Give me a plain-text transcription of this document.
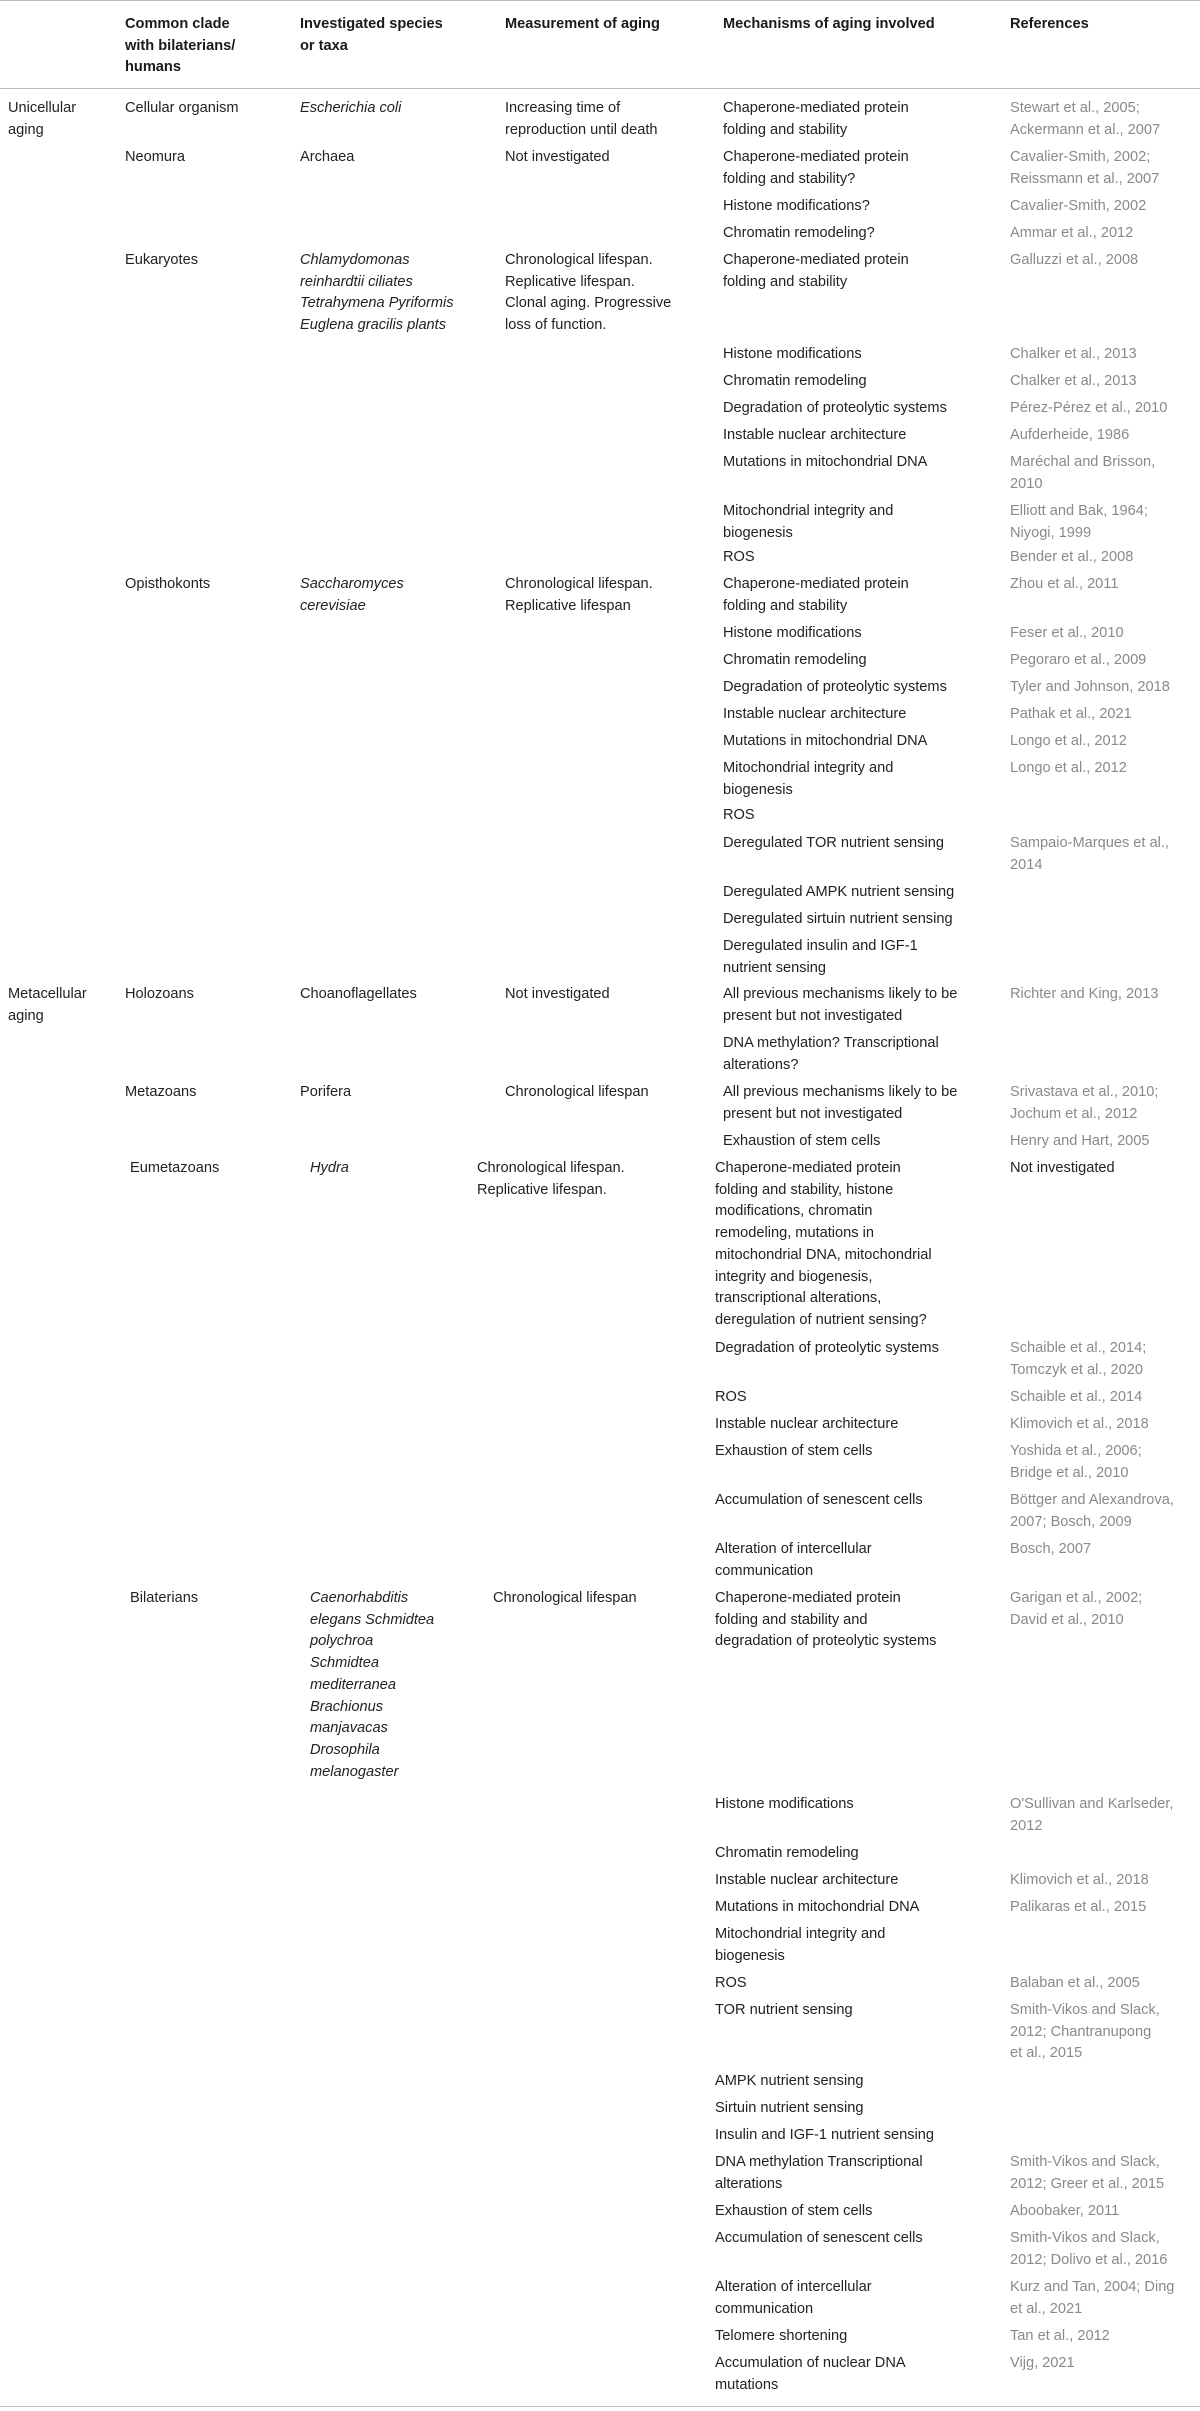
Common clade
with bilaterians/
humans
Investigated species
or taxa
Measurement of aging	Mechanisms of aging involved	References
Unicellular
aging
Metacellular
aging
Cellular organism
Neomura
Eukaryotes
Opisthokonts
Holozoans
Metazoans
Eumetazoans
Bilaterians
Escherichia coli
Archaea
Chlamydomonas
reinhardtii ciliates
Tetrahymena Pyriformis
Euglena gracilis plants
Saccharomyces
cerevisiae
Choanoflagellates
Porifera
Hydra
Caenorhabditis
elegans Schmidtea
polychroa
Schmidtea
mediterranea
Brachionus
manjavacas
Drosophila
melanogaster
Increasing time of
reproduction until death
Not investigated
Chronological lifespan.
Replicative lifespan.
Clonal aging. Progressive
loss of function.
Chronological lifespan.
Replicative lifespan
Not investigated
Chronological lifespan
Chronological lifespan.
Replicative lifespan.
Chronological lifespan
Chaperone-mediated protein
folding and stability
Chaperone-mediated protein
folding and stability?
Histone modifications?
Chromatin remodeling?
Chaperone-mediated protein
folding and stability
Histone modifications
Chromatin remodeling
Degradation of proteolytic systems
Instable nuclear architecture
Mutations in mitochondrial DNA
Mitochondrial integrity and
biogenesis
ROS
Chaperone-mediated protein
folding and stability
Histone modifications
Chromatin remodeling
Degradation of proteolytic systems
Instable nuclear architecture
Mutations in mitochondrial DNA
Mitochondrial integrity and
biogenesis
ROS
Deregulated TOR nutrient sensing
Deregulated AMPK nutrient sensing
Deregulated sirtuin nutrient sensing
Deregulated insulin and IGF-1
nutrient sensing
All previous mechanisms likely to be
present but not investigated
DNA methylation? Transcriptional
alterations?
All previous mechanisms likely to be
present but not investigated
Exhaustion of stem cells
Chaperone-mediated protein
folding and stability, histone
modifications, chromatin
remodeling, mutations in
mitochondrial DNA, mitochondrial
integrity and biogenesis,
transcriptional alterations,
deregulation of nutrient sensing?
Degradation of proteolytic systems
ROS
Instable nuclear architecture
Exhaustion of stem cells
Accumulation of senescent cells
Alteration of intercellular
communication
Chaperone-mediated protein
folding and stability and
degradation of proteolytic systems
Histone modifications
Chromatin remodeling
Instable nuclear architecture
Mutations in mitochondrial DNA
Mitochondrial integrity and
biogenesis
ROS
TOR nutrient sensing
AMPK nutrient sensing
Sirtuin nutrient sensing
Insulin and IGF-1 nutrient sensing
DNA methylation Transcriptional
alterations
Exhaustion of stem cells
Accumulation of senescent cells
Alteration of intercellular
communication
Telomere shortening
Accumulation of nuclear DNA
mutations
Stewart et al., 2005;
Ackermann et al., 2007
Cavalier-Smith, 2002;
Reissmann et al., 2007
Cavalier-Smith, 2002
Ammar et al., 2012
Galluzzi et al., 2008
Chalker et al., 2013
Chalker et al., 2013
Pérez-Pérez et al., 2010
Aufderheide, 1986
Maréchal and Brisson,
2010
Elliott and Bak, 1964;
Niyogi, 1999
Bender et al., 2008
Zhou et al., 2011
Feser et al., 2010
Pegoraro et al., 2009
Tyler and Johnson, 2018
Pathak et al., 2021
Longo et al., 2012
Longo et al., 2012
Sampaio-Marques et al.,
2014
Richter and King, 2013
Srivastava et al., 2010;
Jochum et al., 2012
Henry and Hart, 2005
Not investigated
Schaible et al., 2014;
Tomczyk et al., 2020
Schaible et al., 2014
Klimovich et al., 2018
Yoshida et al., 2006;
Bridge et al., 2010
Böttger and Alexandrova,
2007; Bosch, 2009
Bosch, 2007
Garigan et al., 2002;
David et al., 2010
O'Sullivan and Karlseder,
2012
Klimovich et al., 2018
Palikaras et al., 2015
Balaban et al., 2005
Smith-Vikos and Slack,
2012; Chantranupong
et al., 2015
Smith-Vikos and Slack,
2012; Greer et al., 2015
Aboobaker, 2011
Smith-Vikos and Slack,
2012; Dolivo et al., 2016
Kurz and Tan, 2004; Ding
et al., 2021
Tan et al., 2012
Vijg, 2021
